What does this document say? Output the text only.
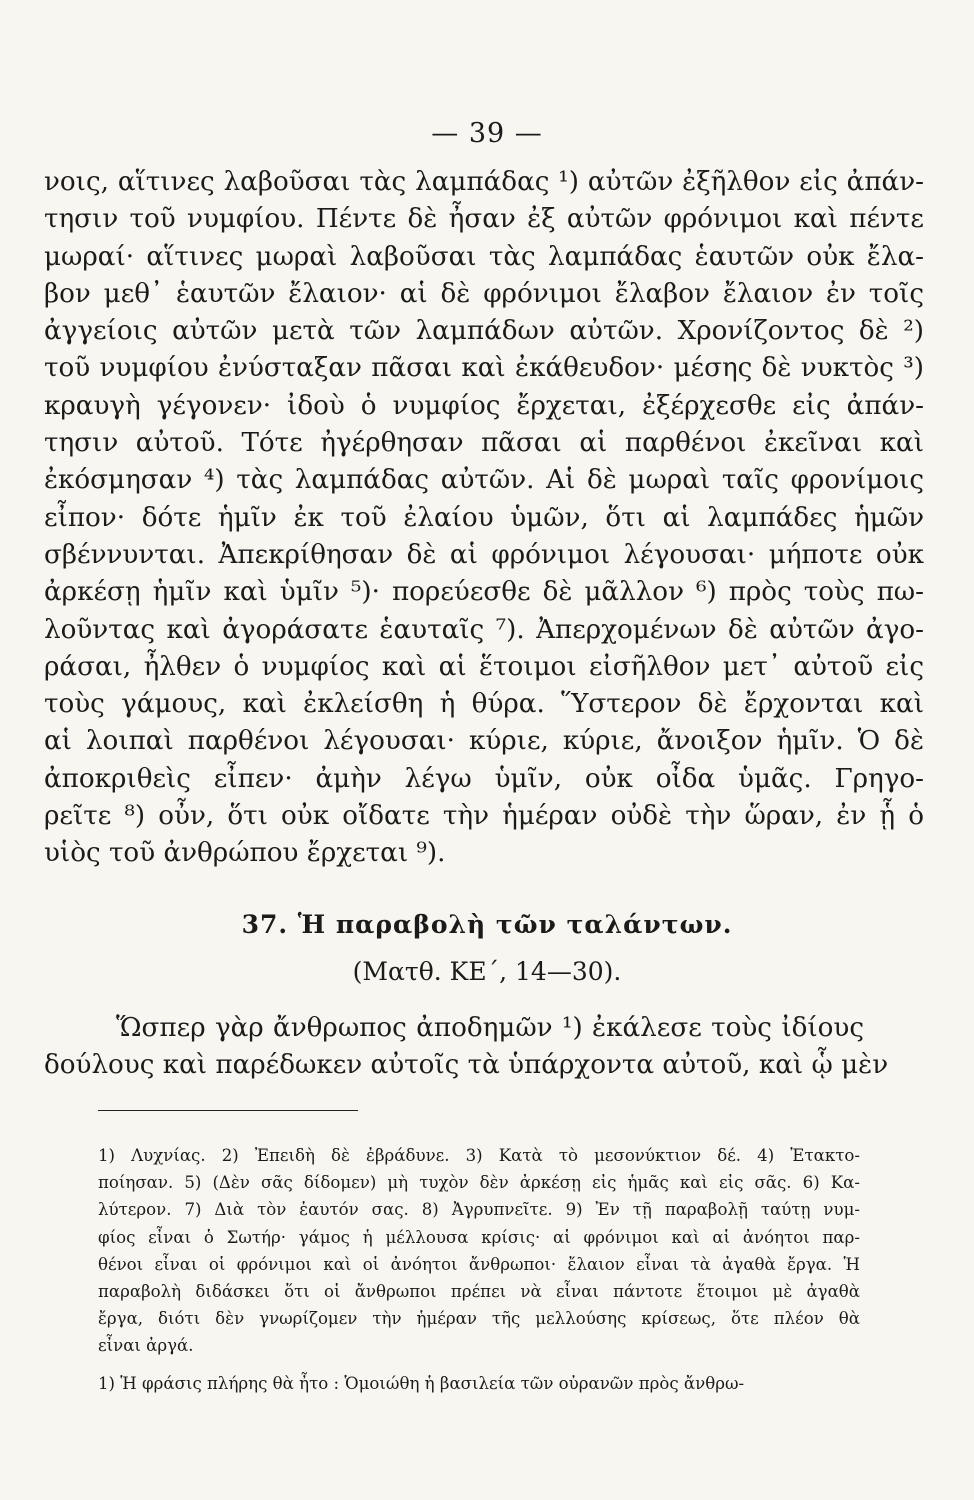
— 39 —
νοις, αἵτινες λαβοῦσαι τὰς λαμπάδας ¹) αὐτῶν ἐξῆλθον εἰς ἀπάν-
τησιν τοῦ νυμφίου. Πέντε δὲ ἦσαν ἐξ αὐτῶν φρόνιμοι καὶ πέντε
μωραί· αἵτινες μωραὶ λαβοῦσαι τὰς λαμπάδας ἑαυτῶν οὐκ ἔλα-
βον μεθ᾽ ἑαυτῶν ἔλαιον· αἱ δὲ φρόνιμοι ἔλαβον ἔλαιον ἐν τοῖς
ἀγγείοις αὐτῶν μετὰ τῶν λαμπάδων αὐτῶν. Χρονίζοντος δὲ ²)
τοῦ νυμφίου ἐνύσταξαν πᾶσαι καὶ ἐκάθευδον· μέσης δὲ νυκτὸς ³)
κραυγὴ γέγονεν· ἰδοὺ ὁ νυμφίος ἔρχεται, ἐξέρχεσθε εἰς ἀπάν-
τησιν αὐτοῦ. Τότε ἠγέρθησαν πᾶσαι αἱ παρθένοι ἐκεῖναι καὶ
ἐκόσμησαν ⁴) τὰς λαμπάδας αὐτῶν. Αἱ δὲ μωραὶ ταῖς φρονίμοις
εἶπον· δότε ἡμῖν ἐκ τοῦ ἐλαίου ὑμῶν, ὅτι αἱ λαμπάδες ἡμῶν
σβέννυνται. Ἀπεκρίθησαν δὲ αἱ φρόνιμοι λέγουσαι· μήποτε οὐκ
ἀρκέσῃ ἡμῖν καὶ ὑμῖν ⁵)· πορεύεσθε δὲ μᾶλλον ⁶) πρὸς τοὺς πω-
λοῦντας καὶ ἀγοράσατε ἑαυταῖς ⁷). Ἀπερχομένων δὲ αὐτῶν ἀγο-
ράσαι, ἦλθεν ὁ νυμφίος καὶ αἱ ἕτοιμοι εἰσῆλθον μετ᾽ αὐτοῦ εἰς
τοὺς γάμους, καὶ ἐκλείσθη ἡ θύρα. Ὕστερον δὲ ἔρχονται καὶ
αἱ λοιπαὶ παρθένοι λέγουσαι· κύριε, κύριε, ἄνοιξον ἡμῖν. Ὁ δὲ
ἀποκριθεὶς εἶπεν· ἀμὴν λέγω ὑμῖν, οὐκ οἶδα ὑμᾶς. Γρηγο-
ρεῖτε ⁸) οὖν, ὅτι οὐκ οἴδατε τὴν ἡμέραν οὐδὲ τὴν ὥραν, ἐν ᾗ ὁ
υἱὸς τοῦ ἀνθρώπου ἔρχεται ⁹).
37. Ἡ παραβολὴ τῶν ταλάντων.
(Ματθ. ΚΕ΄, 14—30).
Ὥσπερ γὰρ ἄνθρωπος ἀποδημῶν ¹) ἐκάλεσε τοὺς ἰδίους
δούλους καὶ παρέδωκεν αὐτοῖς τὰ ὑπάρχοντα αὐτοῦ, καὶ ᾧ μὲν
1) Λυχνίας. 2) Ἐπειδὴ δὲ ἐβράδυνε. 3) Κατὰ τὸ μεσονύκτιον δέ. 4) Ἐτακτο-
ποίησαν. 5) (Δὲν σᾶς δίδομεν) μὴ τυχὸν δὲν ἀρκέσῃ εἰς ἡμᾶς καὶ εἰς σᾶς. 6) Κα-
λύτερον. 7) Διὰ τὸν ἑαυτόν σας. 8) Ἀγρυπνεῖτε. 9) Ἐν τῇ παραβολῇ ταύτῃ νυμ-
φίος εἶναι ὁ Σωτήρ· γάμος ἡ μέλλουσα κρίσις· αἱ φρόνιμοι καὶ αἱ ἀνόητοι παρ-
θένοι εἶναι οἱ φρόνιμοι καὶ οἱ ἀνόητοι ἄνθρωποι· ἔλαιον εἶναι τὰ ἀγαθὰ ἔργα. Ἡ
παραβολὴ διδάσκει ὅτι οἱ ἄνθρωποι πρέπει νὰ εἶναι πάντοτε ἕτοιμοι μὲ ἀγαθὰ
ἔργα, διότι δὲν γνωρίζομεν τὴν ἡμέραν τῆς μελλούσης κρίσεως, ὅτε πλέον θὰ
εἶναι ἀργά.
1) Ἡ φράσις πλήρης θὰ ἦτο : Ὁμοιώθη ἡ βασιλεία τῶν οὐρανῶν πρὸς ἄνθρω-
